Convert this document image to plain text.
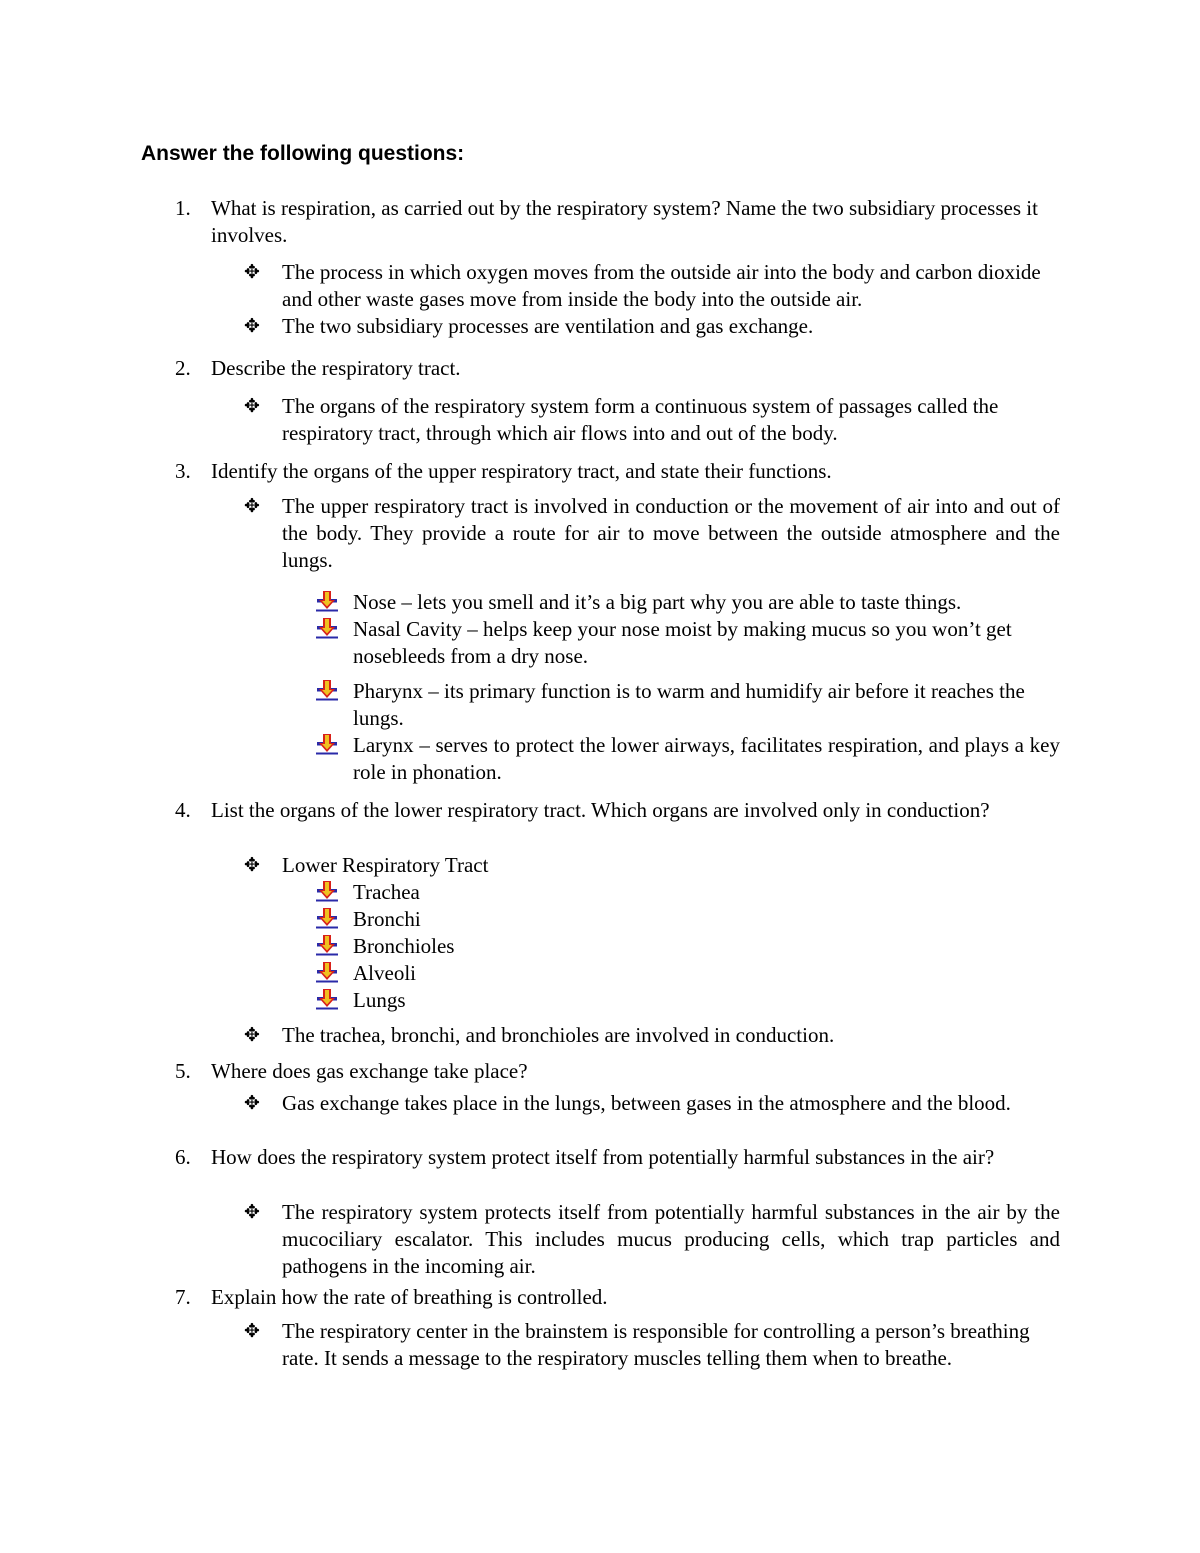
Answer the following questions:
1. What is respiration, as carried out by the respiratory system? Name the two subsidiary processes it involves.
✥ The process in which oxygen moves from the outside air into the body and carbon dioxide and other waste gases move from inside the body into the outside air.
✥ The two subsidiary processes are ventilation and gas exchange.
2. Describe the respiratory tract.
✥ The organs of the respiratory system form a continuous system of passages called the respiratory tract, through which air flows into and out of the body.
3. Identify the organs of the upper respiratory tract, and state their functions.
✥ The upper respiratory tract is involved in conduction or the movement of air into and out of the body. They provide a route for air to move between the outside atmosphere and the lungs.
Nose – lets you smell and it’s a big part why you are able to taste things.
Nasal Cavity – helps keep your nose moist by making mucus so you won’t get nosebleeds from a dry nose.
Pharynx – its primary function is to warm and humidify air before it reaches the lungs.
Larynx – serves to protect the lower airways, facilitates respiration, and plays a key role in phonation.
4. List the organs of the lower respiratory tract. Which organs are involved only in conduction?
✥ Lower Respiratory Tract
Trachea
Bronchi
Bronchioles
Alveoli
Lungs
✥ The trachea, bronchi, and bronchioles are involved in conduction.
5. Where does gas exchange take place?
✥ Gas exchange takes place in the lungs, between gases in the atmosphere and the blood.
6. How does the respiratory system protect itself from potentially harmful substances in the air?
✥ The respiratory system protects itself from potentially harmful substances in the air by the mucociliary escalator. This includes mucus producing cells, which trap particles and pathogens in the incoming air.
7. Explain how the rate of breathing is controlled.
✥ The respiratory center in the brainstem is responsible for controlling a person’s breathing rate. It sends a message to the respiratory muscles telling them when to breathe.
